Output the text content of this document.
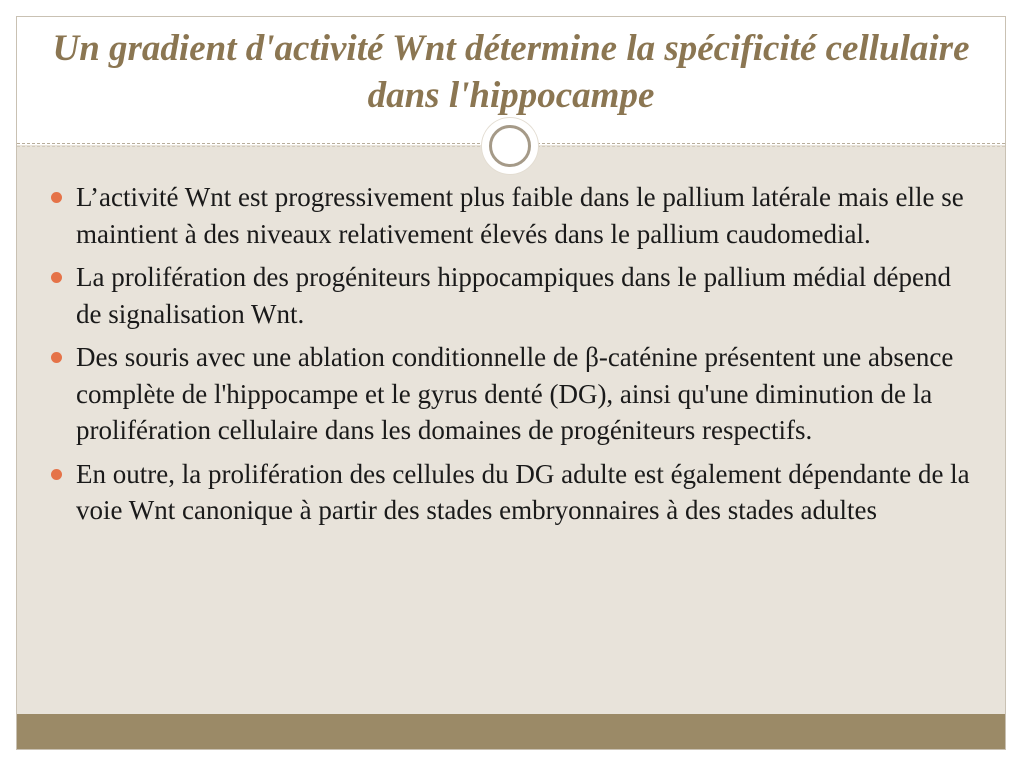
Un gradient d'activité Wnt détermine la spécificité cellulaire dans l'hippocampe
L’activité Wnt est progressivement plus faible dans le pallium latérale mais elle se maintient à des niveaux relativement élevés dans le pallium caudomedial.
La prolifération des progéniteurs hippocampiques dans le pallium médial dépend de signalisation Wnt.
Des souris avec une ablation conditionnelle de β-caténine présentent une absence complète de l'hippocampe et le gyrus denté (DG), ainsi qu'une diminution de la prolifération cellulaire dans les domaines de progéniteurs respectifs.
En outre, la prolifération des cellules du DG adulte est également dépendante de la voie Wnt canonique à partir des stades embryonnaires à des stades adultes
